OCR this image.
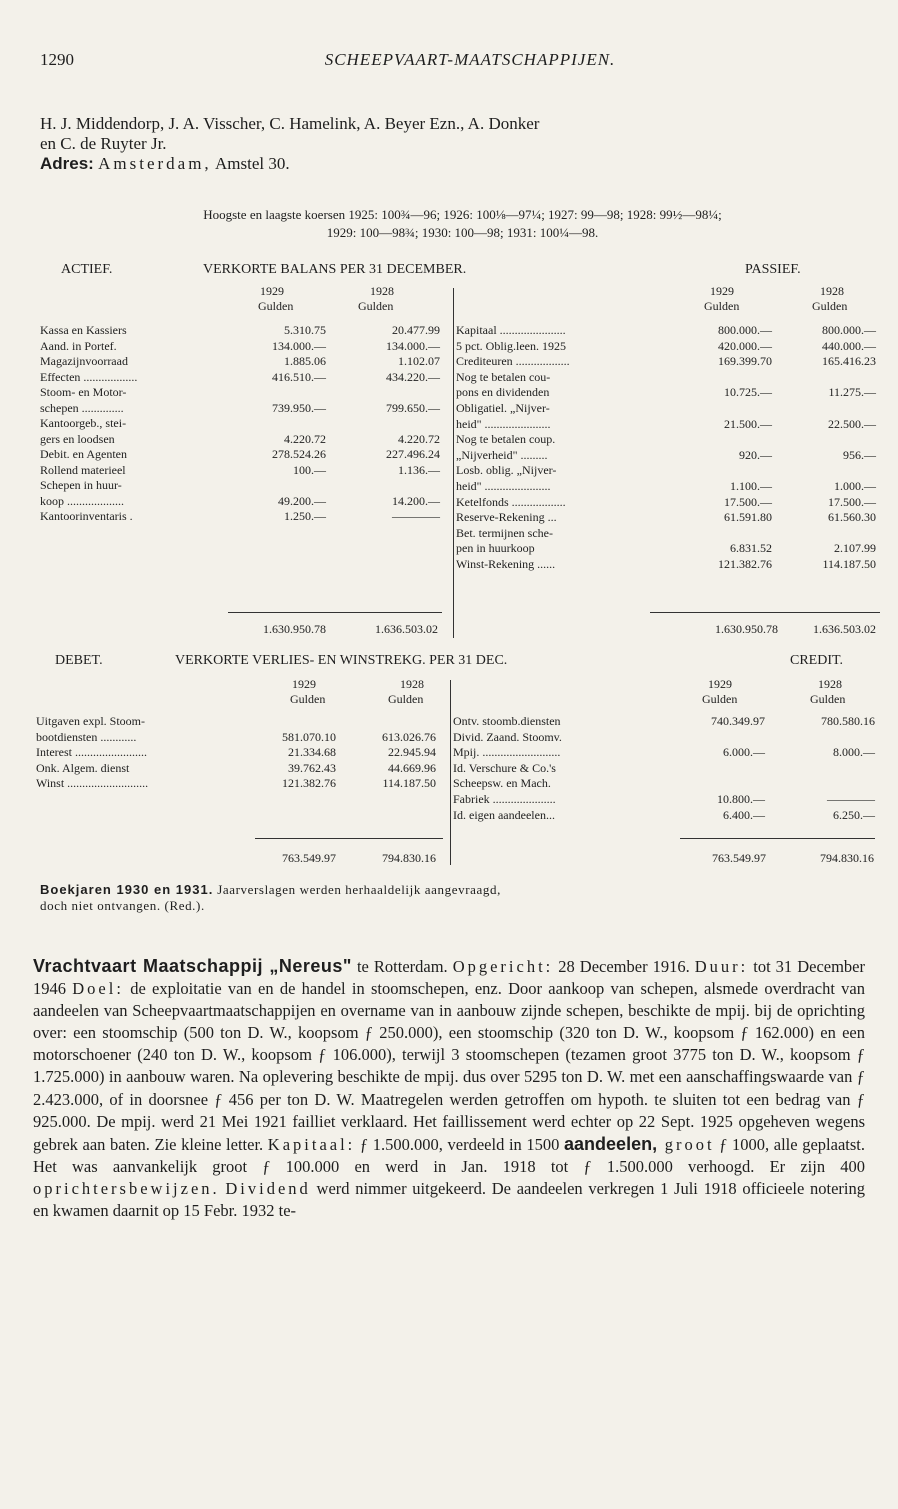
1290	SCHEEPVAART-MAATSCHAPPIJEN.

H. J. Middendorp, J. A. Visscher, C. Hamelink, A. Beyer Ezn., A. Donker

en C. de Ruyter Jr.

Adres: Amsterdam, Amstel 30.

Hoogste en laagste koersen 1925: 100¾—96; 1926: 100⅛—97¼; 1927: 99—98; 1928: 99½—98¼;

1929: 100—98¾; 1930: 100—98; 1931: 100¼—98.

ACTIEF.	VERKORTE BALANS PER 31 DECEMBER.	PASSIEF.
1929	1928
Gulden	Gulden
1929	1928
Gulden	Gulden
Kassa en Kassiers	5.310.75	20.477.99
Aand. in Portef.	134.000.—	134.000.—
Magazijnvoorraad	1.885.06	1.102.07
Effecten ..................	416.510.—	434.220.—
Stoom- en Motor-
schepen ..............	739.950.—	799.650.—
Kantoorgeb., stei-
gers en loodsen	4.220.72	4.220.72
Debit. en Agenten	278.524.26	227.496.24
Rollend materieel	100.—	1.136.—
Schepen in huur-
koop ...................	49.200.—	14.200.—
Kantoorinventaris .	1.250.—	————
Kapitaal ......................	800.000.—	800.000.—
5 pct. Oblig.leen. 1925	420.000.—	440.000.—
Crediteuren ..................	169.399.70	165.416.23
Nog te betalen cou-
pons en dividenden	10.725.—	11.275.—
Obligatiel. „Nijver-
heid" ......................	21.500.—	22.500.—
Nog te betalen coup.
„Nijverheid" .........	920.—	956.—
Losb. oblig. „Nijver-
heid" ......................	1.100.—	1.000.—
Ketelfonds ..................	17.500.—	17.500.—
Reserve-Rekening ...	61.591.80	61.560.30
Bet. termijnen sche-
pen in huurkoop	6.831.52	2.107.99
Winst-Rekening ......	121.382.76	114.187.50
1.630.950.78	1.636.503.02	1.630.950.78	1.636.503.02
DEBET.	VERKORTE VERLIES- EN WINSTREKG. PER 31 DEC.	CREDIT.
1929	1928
Gulden	Gulden
1929	1928
Gulden	Gulden
Uitgaven expl. Stoom-
bootdiensten ............	581.070.10	613.026.76
Interest ........................	21.334.68	22.945.94
Onk. Algem. dienst	39.762.43	44.669.96
Winst ...........................	121.382.76	114.187.50
Ontv. stoomb.diensten	740.349.97	780.580.16
Divid. Zaand. Stoomv.
Mpij. ..........................	6.000.—	8.000.—
Id. Verschure & Co.'s
Scheepsw. en Mach.
Fabriek .....................	10.800.—	————
Id. eigen aandeelen...	6.400.—	6.250.—
763.549.97	794.830.16	763.549.97	794.830.16

Boekjaren 1930 en 1931. Jaarverslagen werden herhaaldelijk aangevraagd,

doch niet ontvangen. (Red.).

Vrachtvaart Maatschappij „Nereus" te Rotterdam. Opgericht: 28 December 1916. Duur: tot 31 December 1946 Doel: de exploitatie van en de handel in stoomschepen, enz. Door aankoop van schepen, alsmede overdracht van aandeelen van Scheepvaartmaatschappijen en overname van in aanbouw zijnde schepen, beschikte de mpij. bij de oprichting over: een stoomschip (500 ton D. W., koopsom ƒ 250.000), een stoomschip (320 ton D. W., koopsom ƒ 162.000) en een motorschoener (240 ton D. W., koopsom ƒ 106.000), terwijl 3 stoomschepen (tezamen groot 3775 ton D. W., koopsom ƒ 1.725.000) in aanbouw waren. Na oplevering beschikte de mpij. dus over 5295 ton D. W. met een aanschaffingswaarde van ƒ 2.423.000, of in doorsnee ƒ 456 per ton D. W. Maatregelen werden getroffen om hypoth. te sluiten tot een bedrag van ƒ 925.000. De mpij. werd 21 Mei 1921 failliet verklaard. Het faillissement werd echter op 22 Sept. 1925 opgeheven wegens gebrek aan baten. Zie kleine letter. Kapitaal: ƒ 1.500.000, verdeeld in 1500 aandeelen, groot ƒ 1000, alle geplaatst. Het was aanvankelijk groot ƒ 100.000 en werd in Jan. 1918 tot ƒ 1.500.000 verhoogd. Er zijn 400 oprichtersbewijzen. Dividend werd nimmer uitgekeerd. De aandeelen verkregen 1 Juli 1918 officieele notering en kwamen daarnit op 15 Febr. 1932 te-
